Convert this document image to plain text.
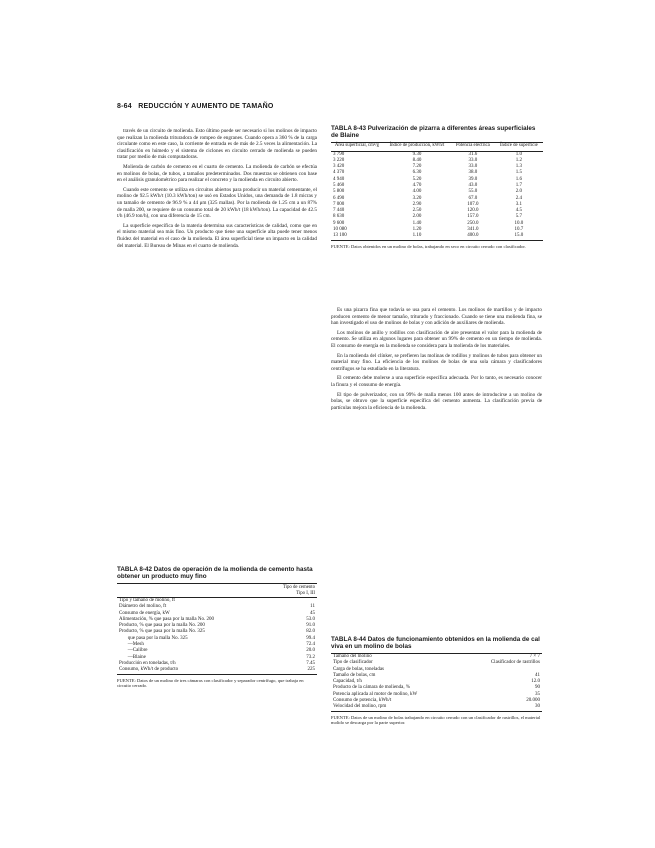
8-64 REDUCCIÓN Y AUMENTO DE TAMAÑO

través de un circuito de molienda. Esto último puede ser necesario si los molinos de impacto que realizan la molienda trituradora de rompeo de engranes. Cuando opera a 360 % de la carga circulante como en este caso, la corriente de entrada es de más de 2.5 veces la alimentación. La clasificación en húmedo y el sistema de ciclones en circuito cerrado de molienda se pueden tratar por medio de más computadoras.

Molienda de carbón de cemento en el cuarto de cemento. La molienda de carbón se efectúa en molinos de bolas, de tubos, a tamaños predeterminados. Dos muestras se obtienen con base en el análisis granulométrico para realizar el concreto y la molienda en circuito abierto.

Cuando este cemento se utiliza en circuitos abiertos para producir un material cementante, el molino de 92.5 kWh/t (10.3 kWh/ton) se usó en Estados Unidos, una demanda de 1.8 micras y un tamaño de cemento de 96.9 % a 44 μm (325 mallas). Por la molienda de 1.25 cm a un 87% de malla 200, se requiere de un consumo total de 20 kWh/t (18 kWh/ton). La capacidad de 42.5 t/h (46.9 ton/h), con una diferencia de 15 cm.

La superficie específica de la materia determina sus características de calidad, como que en el mismo material sea más fino. Un producto que tiene una superficie alta puede tener menos fluidez del material en el caso de la molienda. El área superficial tiene un impacto en la calidad del material. El Bureau de Minas en el cuarto de molienda.

TABLA 8-43 Pulverización de pizarra a diferentes áreas superficiales de Blaine
Área superficial, cm²/g	Índice de producción, kWh/t	Potencia eléctrica	Índice de superficie
3 790	9.30	31.6	1.0
3 220	8.40	33.0	1.2
3 420	7.20	33.0	1.3
4 370	6.30	38.0	1.5
4 940	5.20	39.0	1.6
5 460	4.70	43.0	1.7
5 800	4.00	55.0	2.0
6 490	3.20	67.0	2.4
7 000	2.90	107.0	3.1
7 440	2.50	120.0	4.5
8 630	2.00	157.0	5.7
9 600	1.40	250.0	10.0
10 080	1.20	341.0	10.7
13 100	1.10	400.0	15.0
FUENTE: Datos obtenidos en un molino de bolas, trabajando en seco en circuito cerrado con clasificador.

Es una pizarra fina que todavía se usa para el cemento. Los molinos de martillos y de impacto producen cemento de menor tamaño, triturado y fraccionado. Cuando se tiene una molienda fina, se han investigado el uso de molinos de bolas y con adición de auxiliares de molienda.

Los molinos de anillo y rodillos con clasificación de aire presentan el valor para la molienda de cemento. Se utiliza en algunos lugares para obtener un 99% de cemento en un tiempo de molienda. El consumo de energía en la molienda se considera para la molienda de los materiales.

En la molienda del clínker, se prefieren las molinas de rodillos y molinos de tubos para obtener un material muy fino. La eficiencia de los molinos de bolas de una sola cámara y clasificadores centrífugos se ha estudiado en la literatura.

El cemento debe molerse a una superficie específica adecuada. Por lo tanto, es necesario conocer la finura y el consumo de energía.

El tipo de pulverizador, con un 99% de malla menos 100 antes de introducirse a un molino de bolas, se obtuvo que la superficie específica del cemento aumenta. La clasificación previa de partículas mejora la eficiencia de la molienda.

TABLA 8-42 Datos de operación de la molienda de cemento hasta obtener un producto muy fino
Tipo de cemento
Tipo I, III
Tipo y tamaño de molino, ft	
Diámetro del molino, ft	11
Consumo de energía, kW	45
Alimentación, % que pasa por la malla No. 200	53.0
Producto, % que pasa por la malla No. 200	91.0
Producto, % que pasa por la malla No. 325	82.0
que pasa por la malla No. 325	99.4
—Mesh	72.4
—Calibre	20.0
—Blaine	73.2
Producción en toneladas, t/h	7.45
Consumo, kWh/t de producto	225
FUENTE: Datos de un molino de tres cámaras con clasificador y separador centrífugo, que trabaja en circuito cerrado.
TABLA 8-44 Datos de funcionamiento obtenidos en la molienda de cal viva en un molino de bolas
Tamaño del molino	7 × 7
Tipo de clasificador	Clasificador de rastrillos
Carga de bolas, toneladas	
Tamaño de bolas, cm	41
Capacidad, t/h	12.0
Producto de la cámara de molienda, %	90
Potencia aplicada al motor de molino, kW	35
Consumo de potencia, kWh/t	20.000
Velocidad del molino, rpm	30
FUENTE: Datos de un molino de bolas trabajando en circuito cerrado con un clasificador de rastrillos, el material molido se descarga por la parte superior.
